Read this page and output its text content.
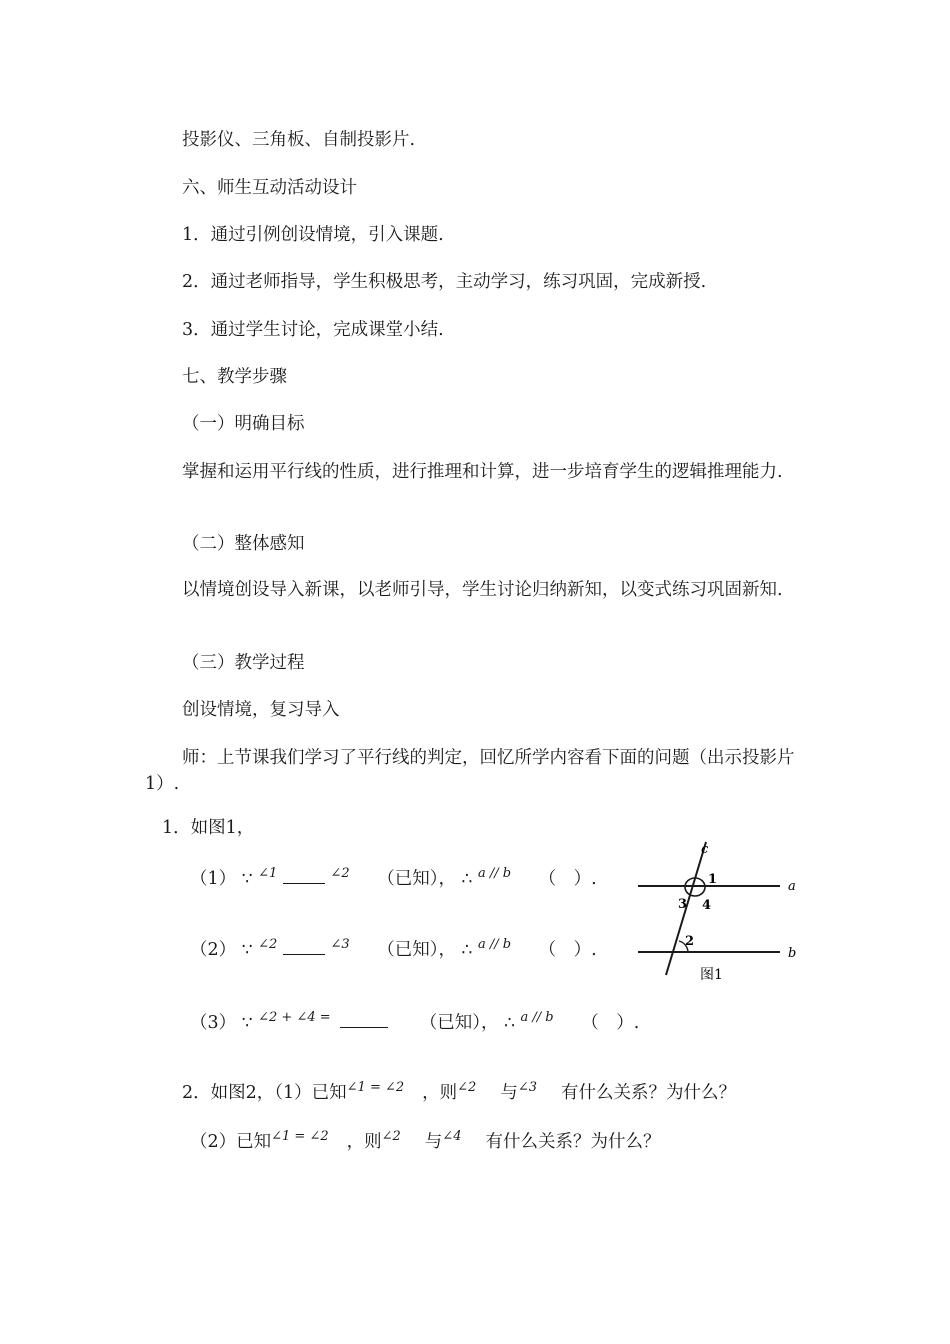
投影仪、三角板、自制投影片.
六、师生互动活动设计
1．通过引例创设情境，引入课题.
2．通过老师指导，学生积极思考，主动学习，练习巩固，完成新授.
3．通过学生讨论，完成课堂小结.
七、教学步骤
（一）明确目标
掌握和运用平行线的性质，进行推理和计算，进一步培育学生的逻辑推理能力.
（二）整体感知
以情境创设导入新课，以老师引导，学生讨论归纳新知，以变式练习巩固新知.
（三）教学过程
创设情境，复习导入
师：上节课我们学习了平行线的判定，回忆所学内容看下面的问题（出示投影片1）.
1．如图1，
（1） ∵ $^{\angle 1}$	$^{\angle 2}$ （已知）， ∴ $^{a // b}$ （　）.
（2） ∵ $^{\angle 2}$	$^{\angle 3}$ （已知）， ∴ $^{a // b}$ （　）.
（3） ∵ $^{\angle 2 + \angle 4 =}$	（已知）， ∴ $^{a // b}$ （　）.
c
a
b
1
3 4
2
图1
2．如图2，（1）已知$^{\angle 1 = \angle 2}$ ，则$^{\angle 2}$ 与$^{\angle 3}$ 有什么关系？为什么？
（2）已知$^{\angle 1 = \angle 2}$ ，则$^{\angle 2}$ 与$^{\angle 4}$ 有什么关系？为什么？
